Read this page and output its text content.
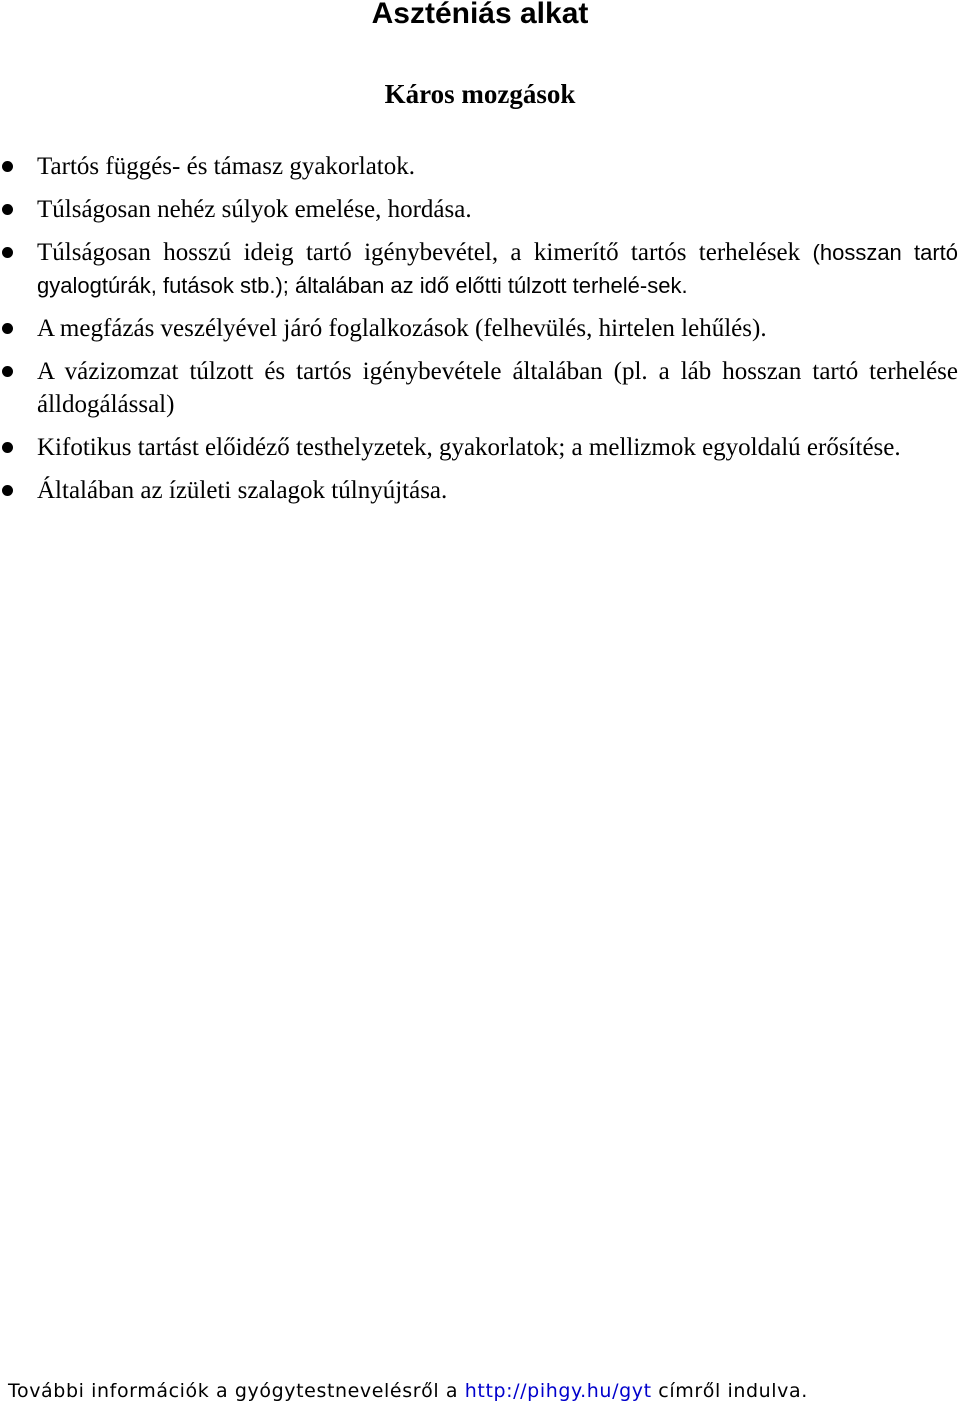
Aszténiás alkat
Káros mozgások
Tartós függés- és támasz gyakorlatok.
Túlságosan nehéz súlyok emelése, hordása.
Túlságosan hosszú ideig tartó igénybevétel, a kimerítő tartós terhelések (hosszan tartó gyalogtúrák, futások stb.); általában az idő előtti túlzott terhelé-sek.
A megfázás veszélyével járó foglalkozások (felhevülés, hirtelen lehűlés).
A vázizomzat túlzott és tartós igénybevétele általában (pl. a láb hosszan tartó terhelése álldogálással)
Kifotikus tartást előidéző testhelyzetek, gyakorlatok; a mellizmok egyoldalú erősítése.
Általában az ízületi szalagok túlnyújtása.

További információk a gyógytestnevelésről a http://pihgy.hu/gyt címről indulva.
